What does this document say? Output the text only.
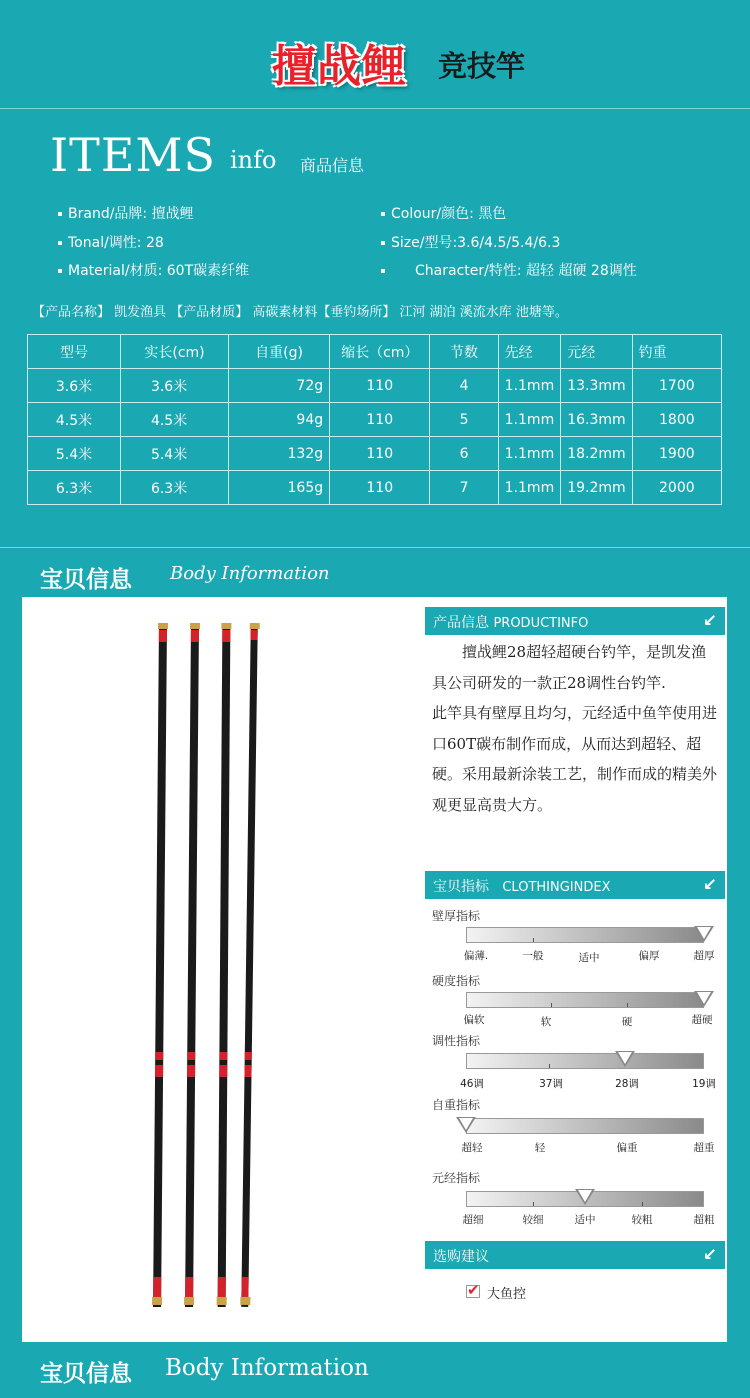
擅战鲤 竞技竿
ITEMS info 商品信息
Brand/品牌: 擅战鲤	Colour/颜色: 黑色
Tonal/调性: 28	Size/型号:3.6/4.5/5.4/6.3
Material/材质: 60T碳素纤维	Character/特性: 超轻 超硬 28调性
【产品名称】 凯发渔具 【产品材质】 高碳素材料【垂钓场所】 江河 湖泊 溪流水库 池塘等。
型号	实长(cm)	自重(g)	缩长（cm）	节数	先经	元经	钓重
3.6米	3.6米	72g	110	4	1.1mm	13.3mm	1700
4.5米	4.5米	94g	110	5	1.1mm	16.3mm	1800
5.4米	5.4米	132g	110	6	1.1mm	18.2mm	1900
6.3米	6.3米	165g	110	7	1.1mm	19.2mm	2000
宝贝信息 Body Information
产品信息 PRODUCTINFO	↙
擅战鲤28超轻超硬台钓竿，是凯发渔具公司研发的一款正28调性台钓竿.
此竿具有壁厚且均匀，元经适中鱼竿使用进口60T碳布制作而成，从而达到超轻、超硬。采用最新涂装工艺，制作而成的精美外观更显高贵大方。
宝贝指标 CLOTHINGINDEX	↙
壁厚指标
偏薄.	一般	适中	偏厚	超厚
硬度指标
偏软	软	硬	超硬
调性指标
46调	37调	28调	19调
自重指标
超轻	轻	偏重	超重
元经指标
超细	较细	适中	较粗	超粗
选购建议	↙
✔
大鱼控
宝贝信息 Body Information
